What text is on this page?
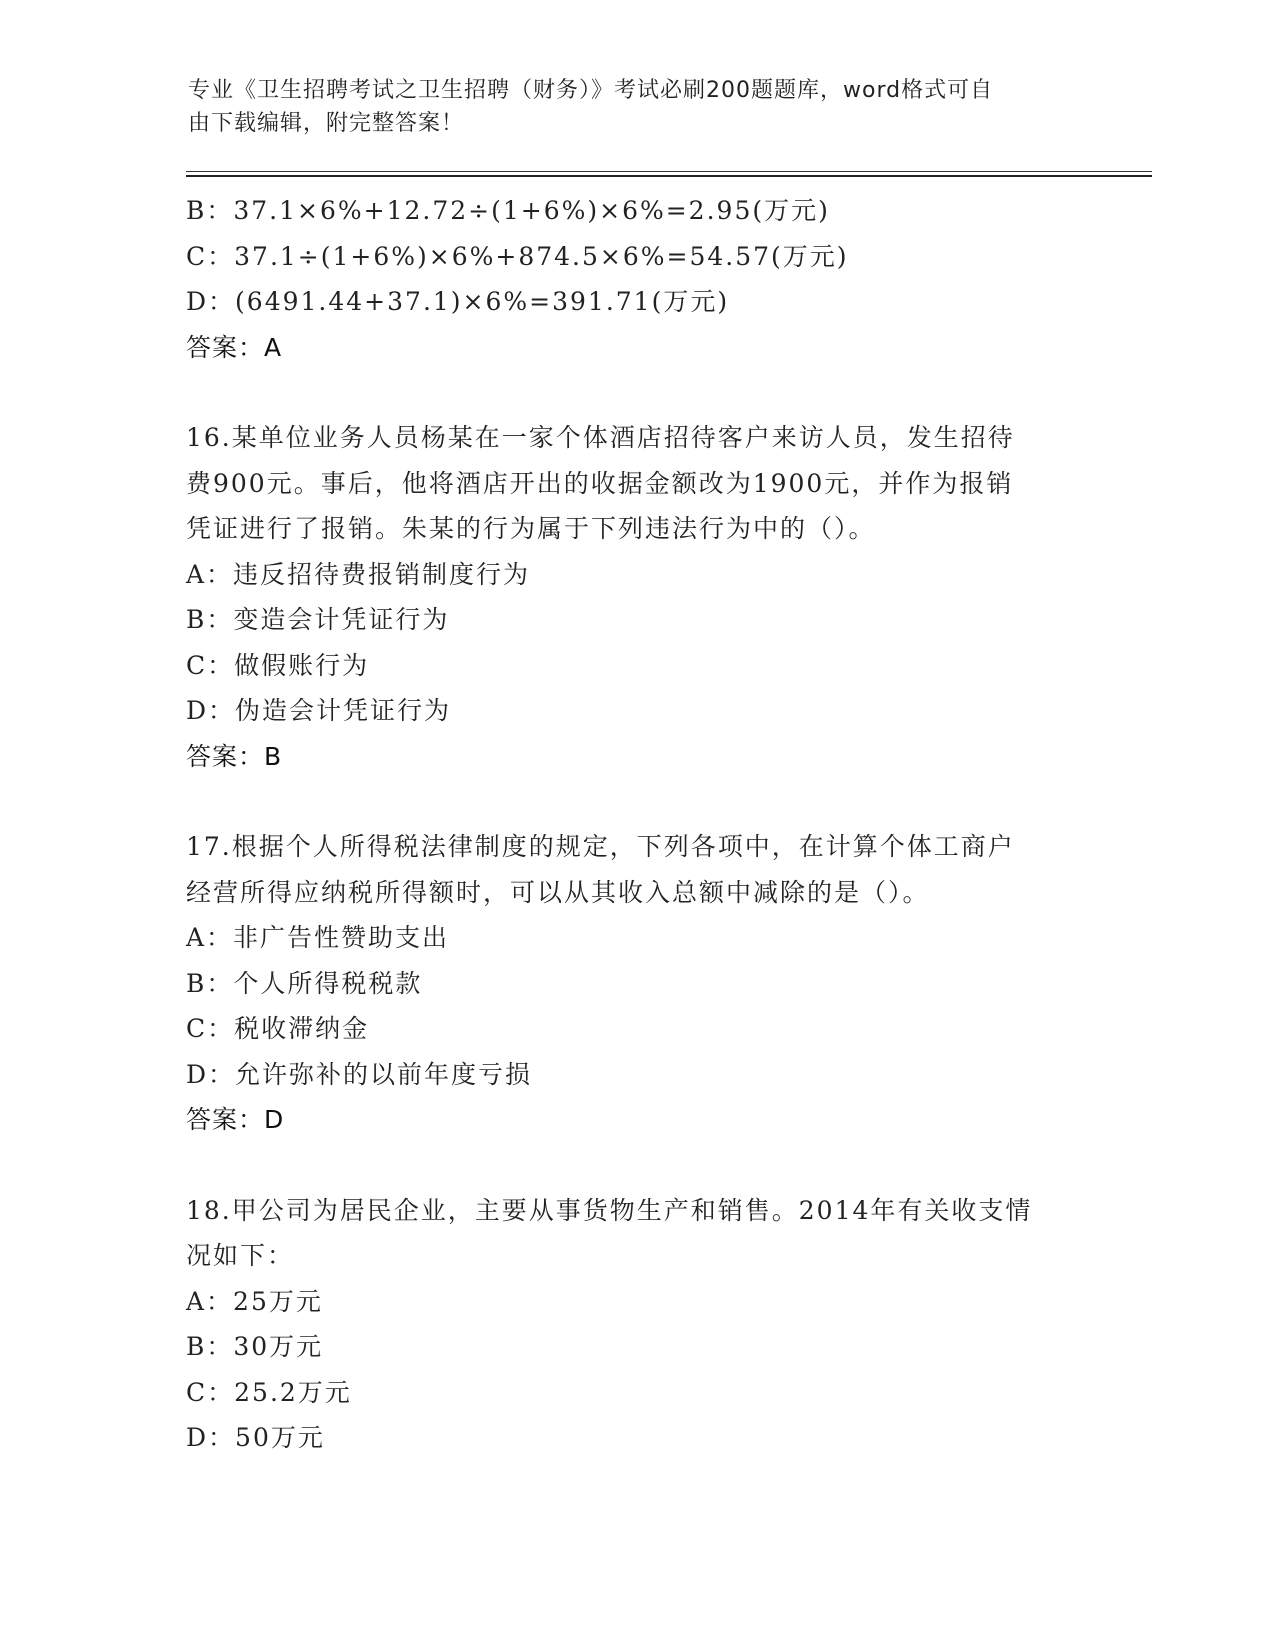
专业《卫生招聘考试之卫生招聘（财务）》考试必刷200题题库，word格式可自
由下载编辑，附完整答案！
B：37.1×6%+12.72÷(1+6%)×6%=2.95(万元)
C：37.1÷(1+6%)×6%+874.5×6%=54.57(万元)
D：(6491.44+37.1)×6%=391.71(万元)
答案：A
16.某单位业务人员杨某在一家个体酒店招待客户来访人员，发生招待
费900元。事后，他将酒店开出的收据金额改为1900元，并作为报销
凭证进行了报销。朱某的行为属于下列违法行为中的（）。
A：违反招待费报销制度行为
B：变造会计凭证行为
C：做假账行为
D：伪造会计凭证行为
答案：B
17.根据个人所得税法律制度的规定，下列各项中，在计算个体工商户
经营所得应纳税所得额时，可以从其收入总额中减除的是（）。
A：非广告性赞助支出
B：个人所得税税款
C：税收滞纳金
D：允许弥补的以前年度亏损
答案：D
18.甲公司为居民企业，主要从事货物生产和销售。2014年有关收支情
况如下：
A：25万元
B：30万元
C：25.2万元
D：50万元
